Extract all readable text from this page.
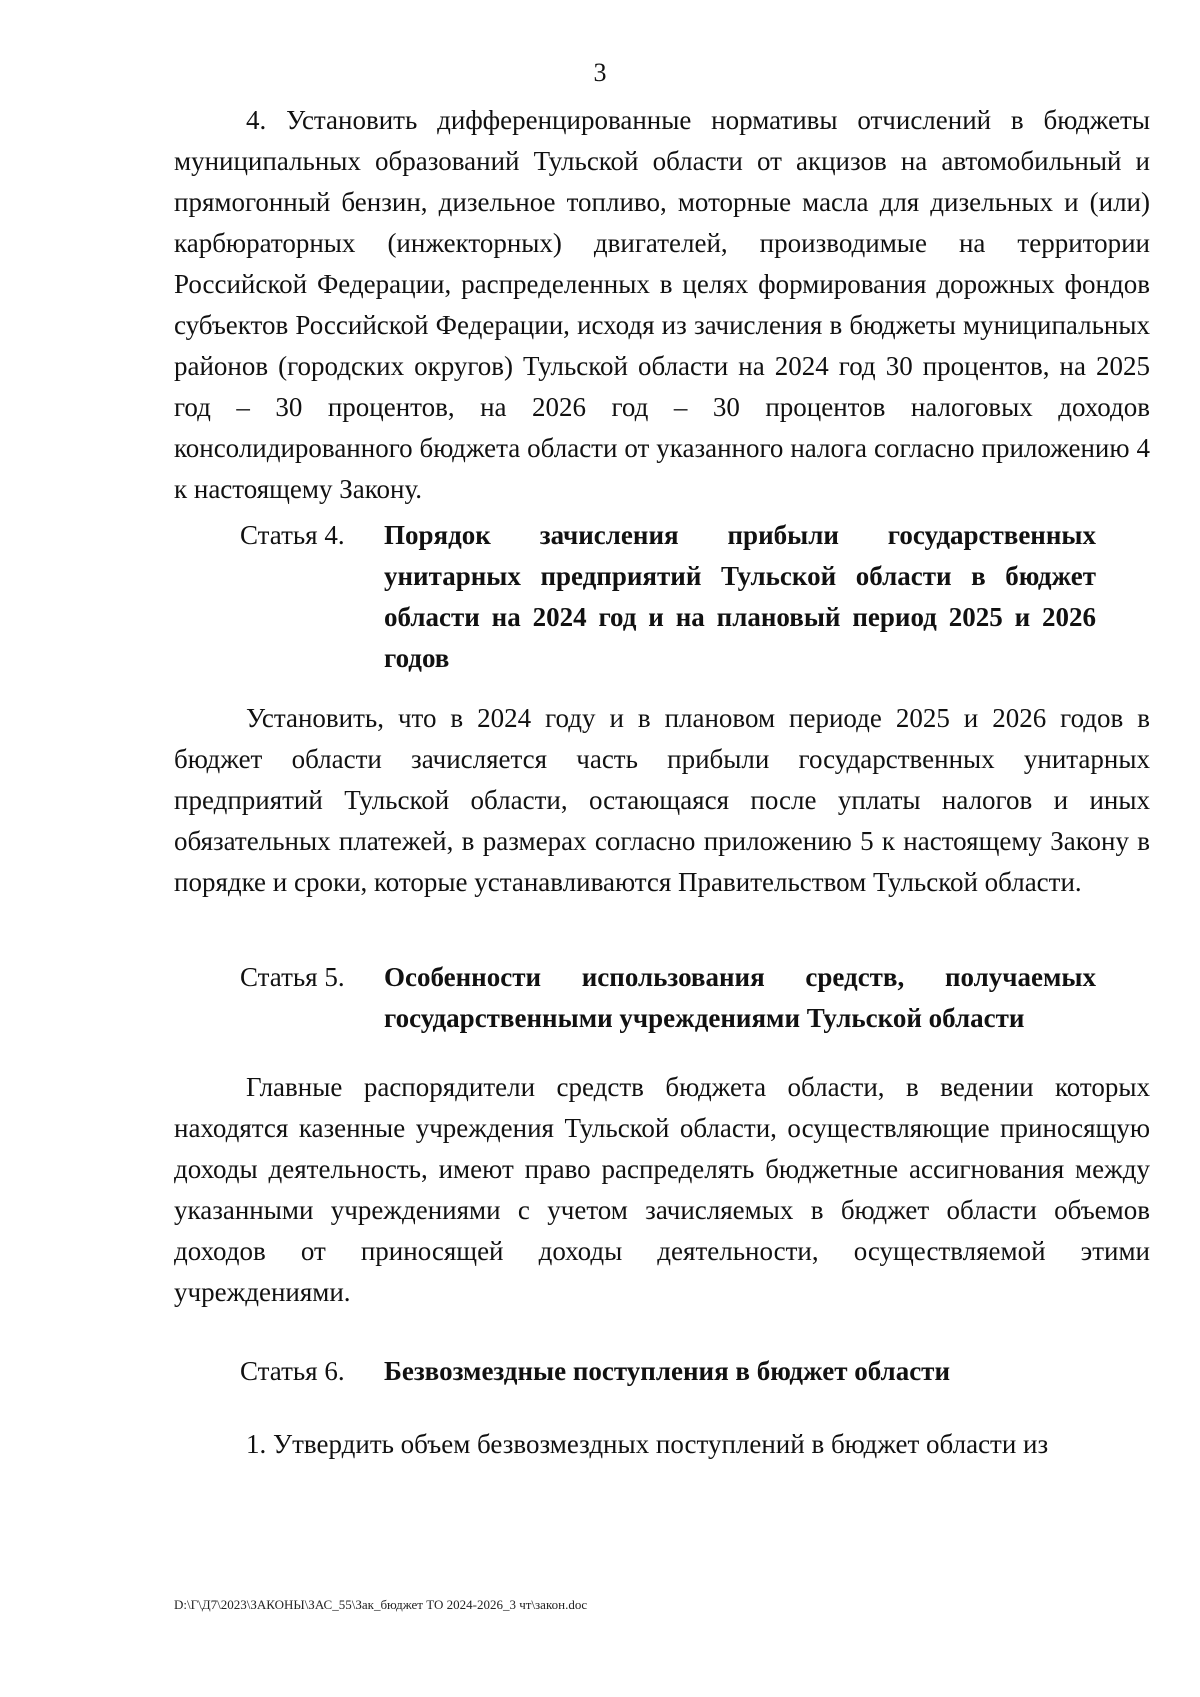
3

4. Установить дифференцированные нормативы отчислений в бюджеты муниципальных образований Тульской области от акцизов на автомобильный и прямогонный бензин, дизельное топливо, моторные масла для дизельных и (или) карбюраторных (инжекторных) двигателей, производимые на территории Российской Федерации, распределенных в целях формирования дорожных фондов субъектов Российской Федерации, исходя из зачисления в бюджеты муниципальных районов (городских округов) Тульской области на 2024 год 30 процентов, на 2025 год – 30 процентов, на 2026 год – 30 процентов налоговых доходов консолидированного бюджета области от указанного налога согласно приложению 4 к настоящему Закону.

Статья 4. Порядок зачисления прибыли государственных унитарных предприятий Тульской области в бюджет области на 2024 год и на плановый период 2025 и 2026 годов

Установить, что в 2024 году и в плановом периоде 2025 и 2026 годов в бюджет области зачисляется часть прибыли государственных унитарных предприятий Тульской области, остающаяся после уплаты налогов и иных обязательных платежей, в размерах согласно приложению 5 к настоящему Закону в порядке и сроки, которые устанавливаются Правительством Тульской области.

Статья 5. Особенности использования средств, получаемых государственными учреждениями Тульской области

Главные распорядители средств бюджета области, в ведении которых находятся казенные учреждения Тульской области, осуществляющие приносящую доходы деятельность, имеют право распределять бюджетные ассигнования между указанными учреждениями с учетом зачисляемых в бюджет области объемов доходов от приносящей доходы деятельности, осуществляемой этими учреждениями.

Статья 6. Безвозмездные поступления в бюджет области

1. Утвердить объем безвозмездных поступлений в бюджет области из

D:\Г\Д7\2023\ЗАКОНЫ\ЗАС_55\Зак_бюджет ТО 2024-2026_3 чт\закон.doc
